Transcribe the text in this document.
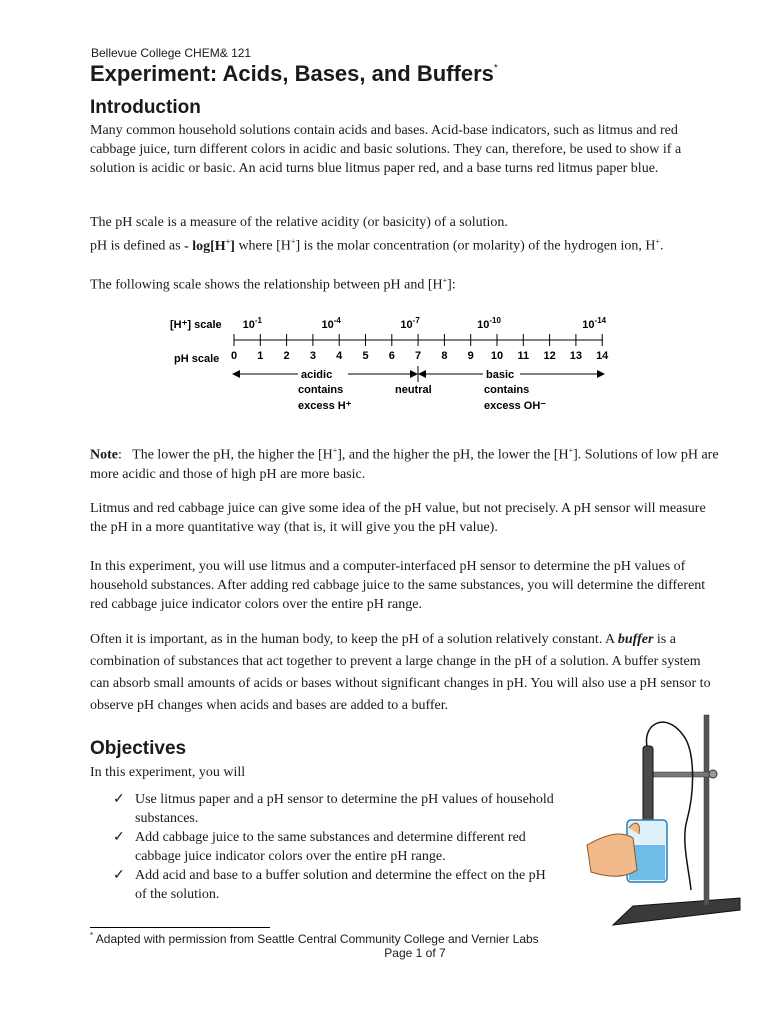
Bellevue College CHEM& 121
Experiment: Acids, Bases, and Buffers*
Introduction
Many common household solutions contain acids and bases. Acid-base indicators, such as litmus and red cabbage juice, turn different colors in acidic and basic solutions. They can, therefore, be used to show if a solution is acidic or basic. An acid turns blue litmus paper red, and a base turns red litmus paper blue.
The pH scale is a measure of the relative acidity (or basicity) of a solution.
pH is defined as - log[H+] where [H+] is the molar concentration (or molarity) of the hydrogen ion, H+.
The following scale shows the relationship between pH and [H+]:
[H⁺] scale
pH scale 0 1 2 3 4 5 6 7 8 9 10 11 12 13 14
$10^{-1}$	$10^{-4}$	$10^{-7}$	$10^{-10}$	$10^{-14}$
acidic	basic
contains
excess H⁺
neutral	contains
excess OH⁻
Note:   The lower the pH, the higher the [H+], and the higher the pH, the lower the [H+]. Solutions of low pH are more acidic and those of high pH are more basic.
Litmus and red cabbage juice can give some idea of the pH value, but not precisely. A pH sensor will measure the pH in a more quantitative way (that is, it will give you the pH value).
In this experiment, you will use litmus and a computer-interfaced pH sensor to determine the pH values of household substances. After adding red cabbage juice to the same substances, you will determine the different red cabbage juice indicator colors over the entire pH range.
Often it is important, as in the human body, to keep the pH of a solution relatively constant. A buffer is a combination of substances that act together to prevent a large change in the pH of a solution. A buffer system can absorb small amounts of acids or bases without significant changes in pH. You will also use a pH sensor to observe pH changes when acids and bases are added to a buffer.
Objectives
In this experiment, you will
✓ Use litmus paper and a pH sensor to determine the pH values of household substances.
✓ Add cabbage juice to the same substances and determine different red cabbage juice indicator colors over the entire pH range.
✓ Add acid and base to a buffer solution and determine the effect on the pH of the solution.
* Adapted with permission from Seattle Central Community College and Vernier Labs
Page 1 of 7
